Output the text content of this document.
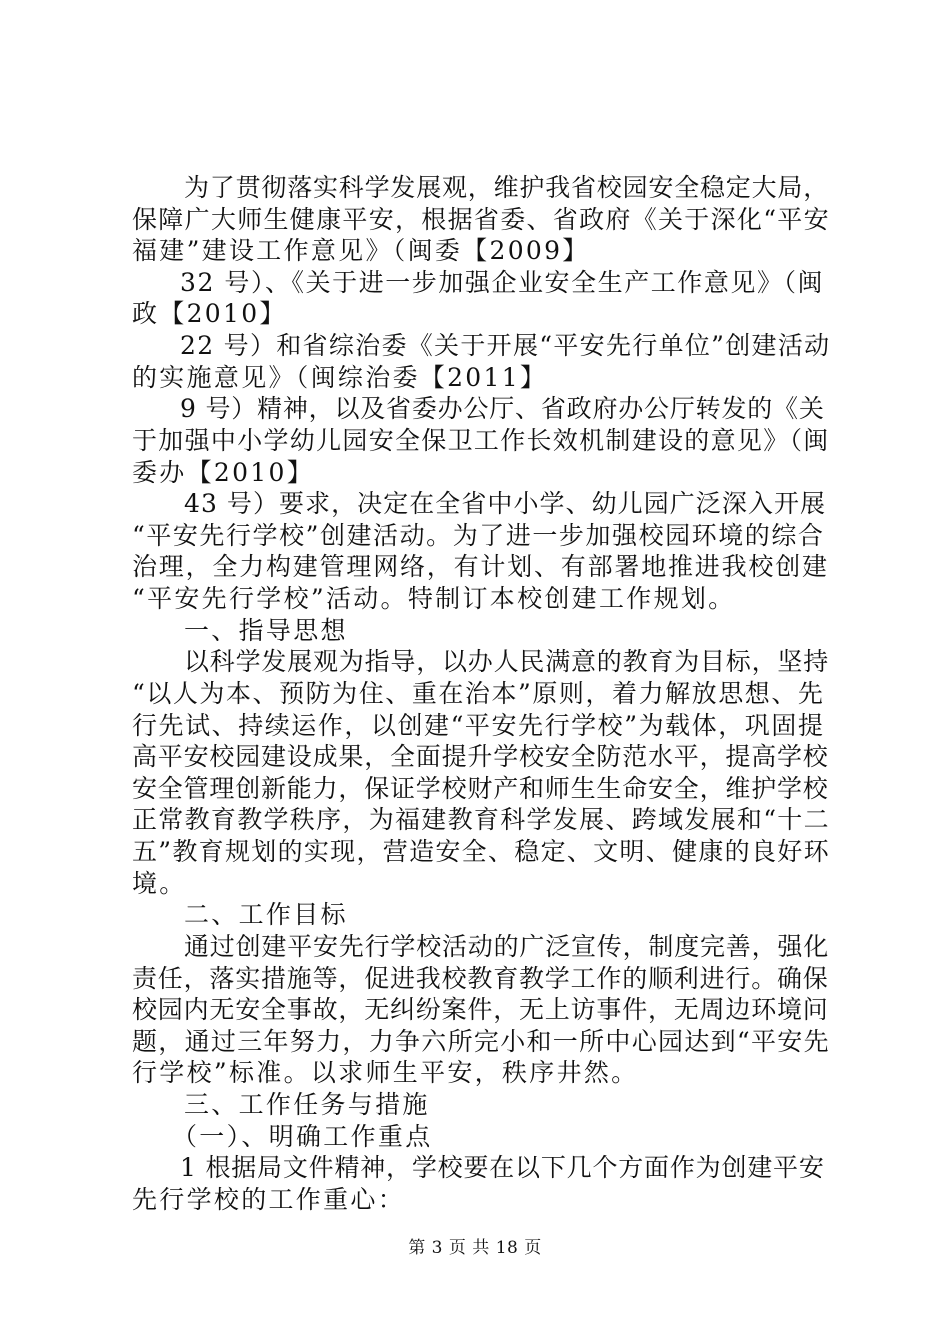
为了贯彻落实科学发展观，维护我省校园安全稳定大局，
保障广大师生健康平安，根据省委、省政府《关于深化“平安
福建”建设工作意见》（闽委【2009】
32 号）、《关于进一步加强企业安全生产工作意见》（闽
政【2010】
22 号）和省综治委《关于开展“平安先行单位”创建活动
的实施意见》（闽综治委【2011】
9 号）精神，以及省委办公厅、省政府办公厅转发的《关
于加强中小学幼儿园安全保卫工作长效机制建设的意见》（闽
委办【2010】
43 号）要求，决定在全省中小学、幼儿园广泛深入开展
“平安先行学校”创建活动。为了进一步加强校园环境的综合
治理，全力构建管理网络，有计划、有部署地推进我校创建
“平安先行学校”活动。特制订本校创建工作规划。
一、指导思想
以科学发展观为指导，以办人民满意的教育为目标，坚持
“以人为本、预防为住、重在治本”原则，着力解放思想、先
行先试、持续运作，以创建“平安先行学校”为载体，巩固提
高平安校园建设成果，全面提升学校安全防范水平，提高学校
安全管理创新能力，保证学校财产和师生生命安全，维护学校
正常教育教学秩序，为福建教育科学发展、跨域发展和“十二
五”教育规划的实现，营造安全、稳定、文明、健康的良好环
境。
二、工作目标
通过创建平安先行学校活动的广泛宣传，制度完善，强化
责任，落实措施等，促进我校教育教学工作的顺利进行。确保
校园内无安全事故，无纠纷案件，无上访事件，无周边环境问
题，通过三年努力，力争六所完小和一所中心园达到“平安先
行学校”标准。以求师生平安，秩序井然。
三、工作任务与措施
（一）、明确工作重点
1 根据局文件精神，学校要在以下几个方面作为创建平安
先行学校的工作重心：
第 3 页 共 18 页
